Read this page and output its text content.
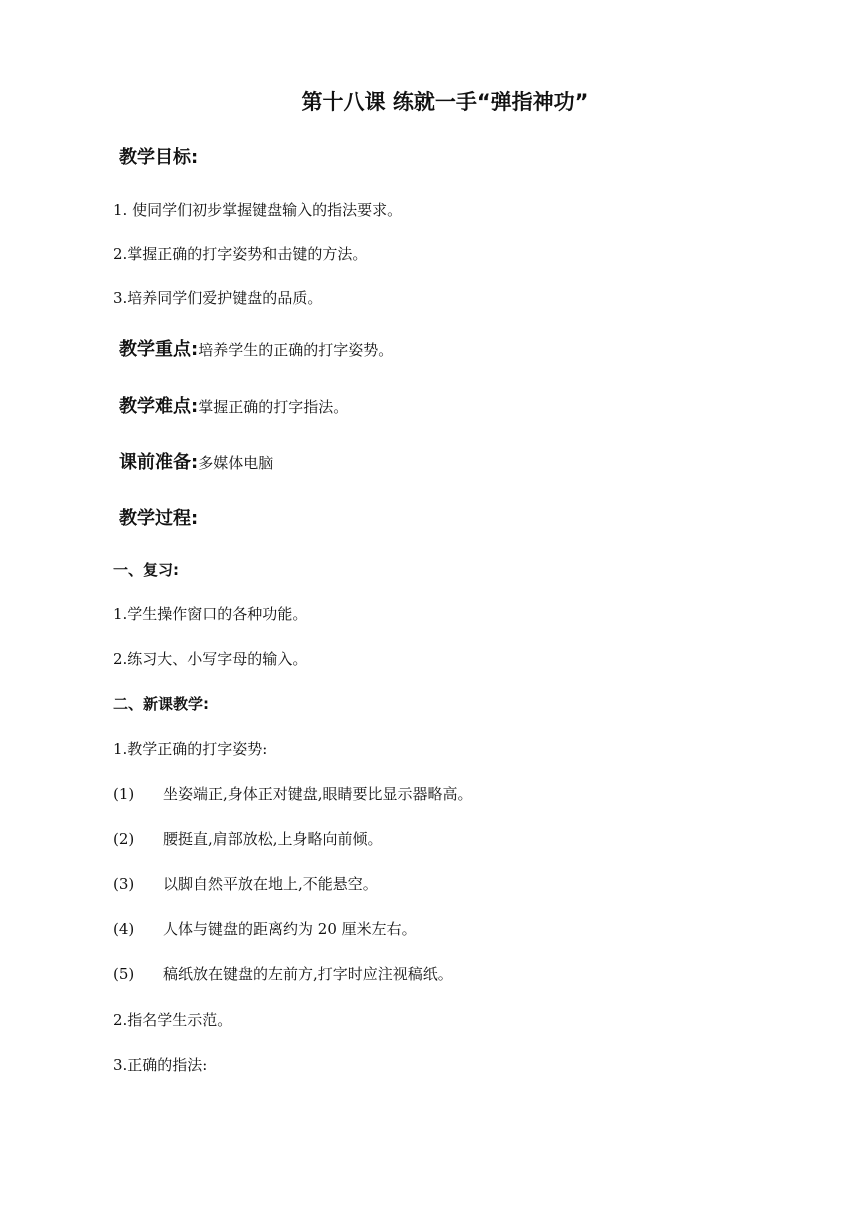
第十八课 练就一手“弹指神功”
教学目标:
1. 使同学们初步掌握键盘输入的指法要求。
2.掌握正确的打字姿势和击键的方法。
3.培养同学们爱护键盘的品质。
教学重点:培养学生的正确的打字姿势。
教学难点:掌握正确的打字指法。
课前准备:多媒体电脑
教学过程:
一、复习:
1.学生操作窗口的各种功能。
2.练习大、小写字母的输入。
二、新课教学:
1.教学正确的打字姿势:
(1) 坐姿端正,身体正对键盘,眼睛要比显示器略高。
(2) 腰挺直,肩部放松,上身略向前倾。
(3) 以脚自然平放在地上,不能悬空。
(4) 人体与键盘的距离约为 20 厘米左右。
(5) 稿纸放在键盘的左前方,打字时应注视稿纸。
2.指名学生示范。
3.正确的指法:
